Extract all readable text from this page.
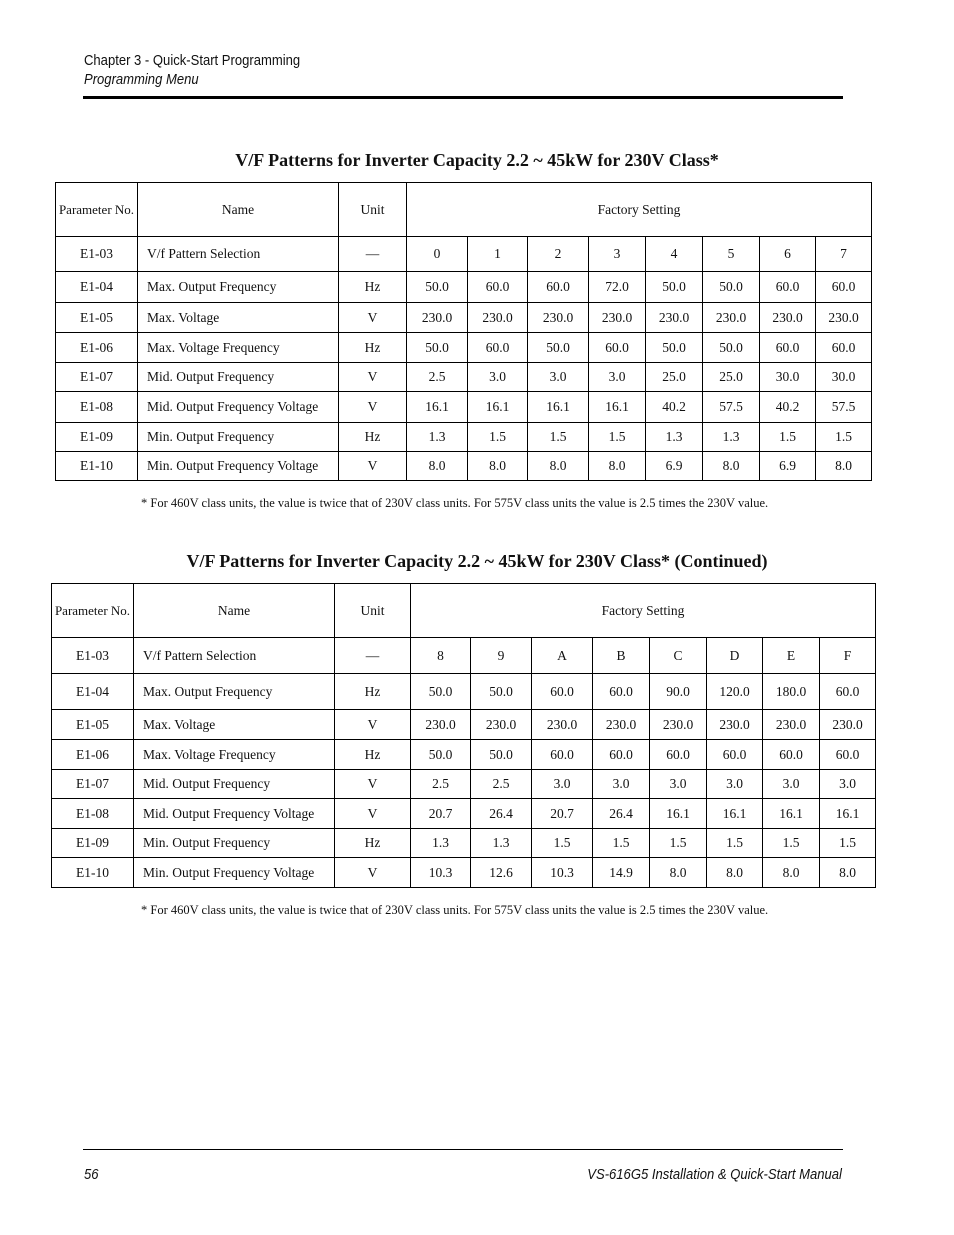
Chapter 3 - Quick-Start Programming
Programming Menu
V/F Patterns for Inverter Capacity 2.2 ~ 45kW for 230V Class*
Parameter No.	Name	Unit	Factory Setting							
E1-03	V/f Pattern Selection	—	0	1	2	3	4	5	6	7
E1-04	Max. Output Frequency	Hz	50.0	60.0	60.0	72.0	50.0	50.0	60.0	60.0
E1-05	Max. Voltage	V	230.0	230.0	230.0	230.0	230.0	230.0	230.0	230.0
E1-06	Max. Voltage Frequency	Hz	50.0	60.0	50.0	60.0	50.0	50.0	60.0	60.0
E1-07	Mid. Output Frequency	V	2.5	3.0	3.0	3.0	25.0	25.0	30.0	30.0
E1-08	Mid. Output Frequency Voltage	V	16.1	16.1	16.1	16.1	40.2	57.5	40.2	57.5
E1-09	Min. Output Frequency	Hz	1.3	1.5	1.5	1.5	1.3	1.3	1.5	1.5
E1-10	Min. Output Frequency Voltage	V	8.0	8.0	8.0	8.0	6.9	8.0	6.9	8.0
* For 460V class units, the value is twice that of 230V class units. For 575V class units the value is 2.5 times the 230V value.
V/F Patterns for Inverter Capacity 2.2 ~ 45kW for 230V Class* (Continued)
Parameter No.	Name	Unit	Factory Setting							
E1-03	V/f Pattern Selection	—	8	9	A	B	C	D	E	F
E1-04	Max. Output Frequency	Hz	50.0	50.0	60.0	60.0	90.0	120.0	180.0	60.0
E1-05	Max. Voltage	V	230.0	230.0	230.0	230.0	230.0	230.0	230.0	230.0
E1-06	Max. Voltage Frequency	Hz	50.0	50.0	60.0	60.0	60.0	60.0	60.0	60.0
E1-07	Mid. Output Frequency	V	2.5	2.5	3.0	3.0	3.0	3.0	3.0	3.0
E1-08	Mid. Output Frequency Voltage	V	20.7	26.4	20.7	26.4	16.1	16.1	16.1	16.1
E1-09	Min. Output Frequency	Hz	1.3	1.3	1.5	1.5	1.5	1.5	1.5	1.5
E1-10	Min. Output Frequency Voltage	V	10.3	12.6	10.3	14.9	8.0	8.0	8.0	8.0
* For 460V class units, the value is twice that of 230V class units. For 575V class units the value is 2.5 times the 230V value.
56	VS-616G5 Installation & Quick-Start Manual
